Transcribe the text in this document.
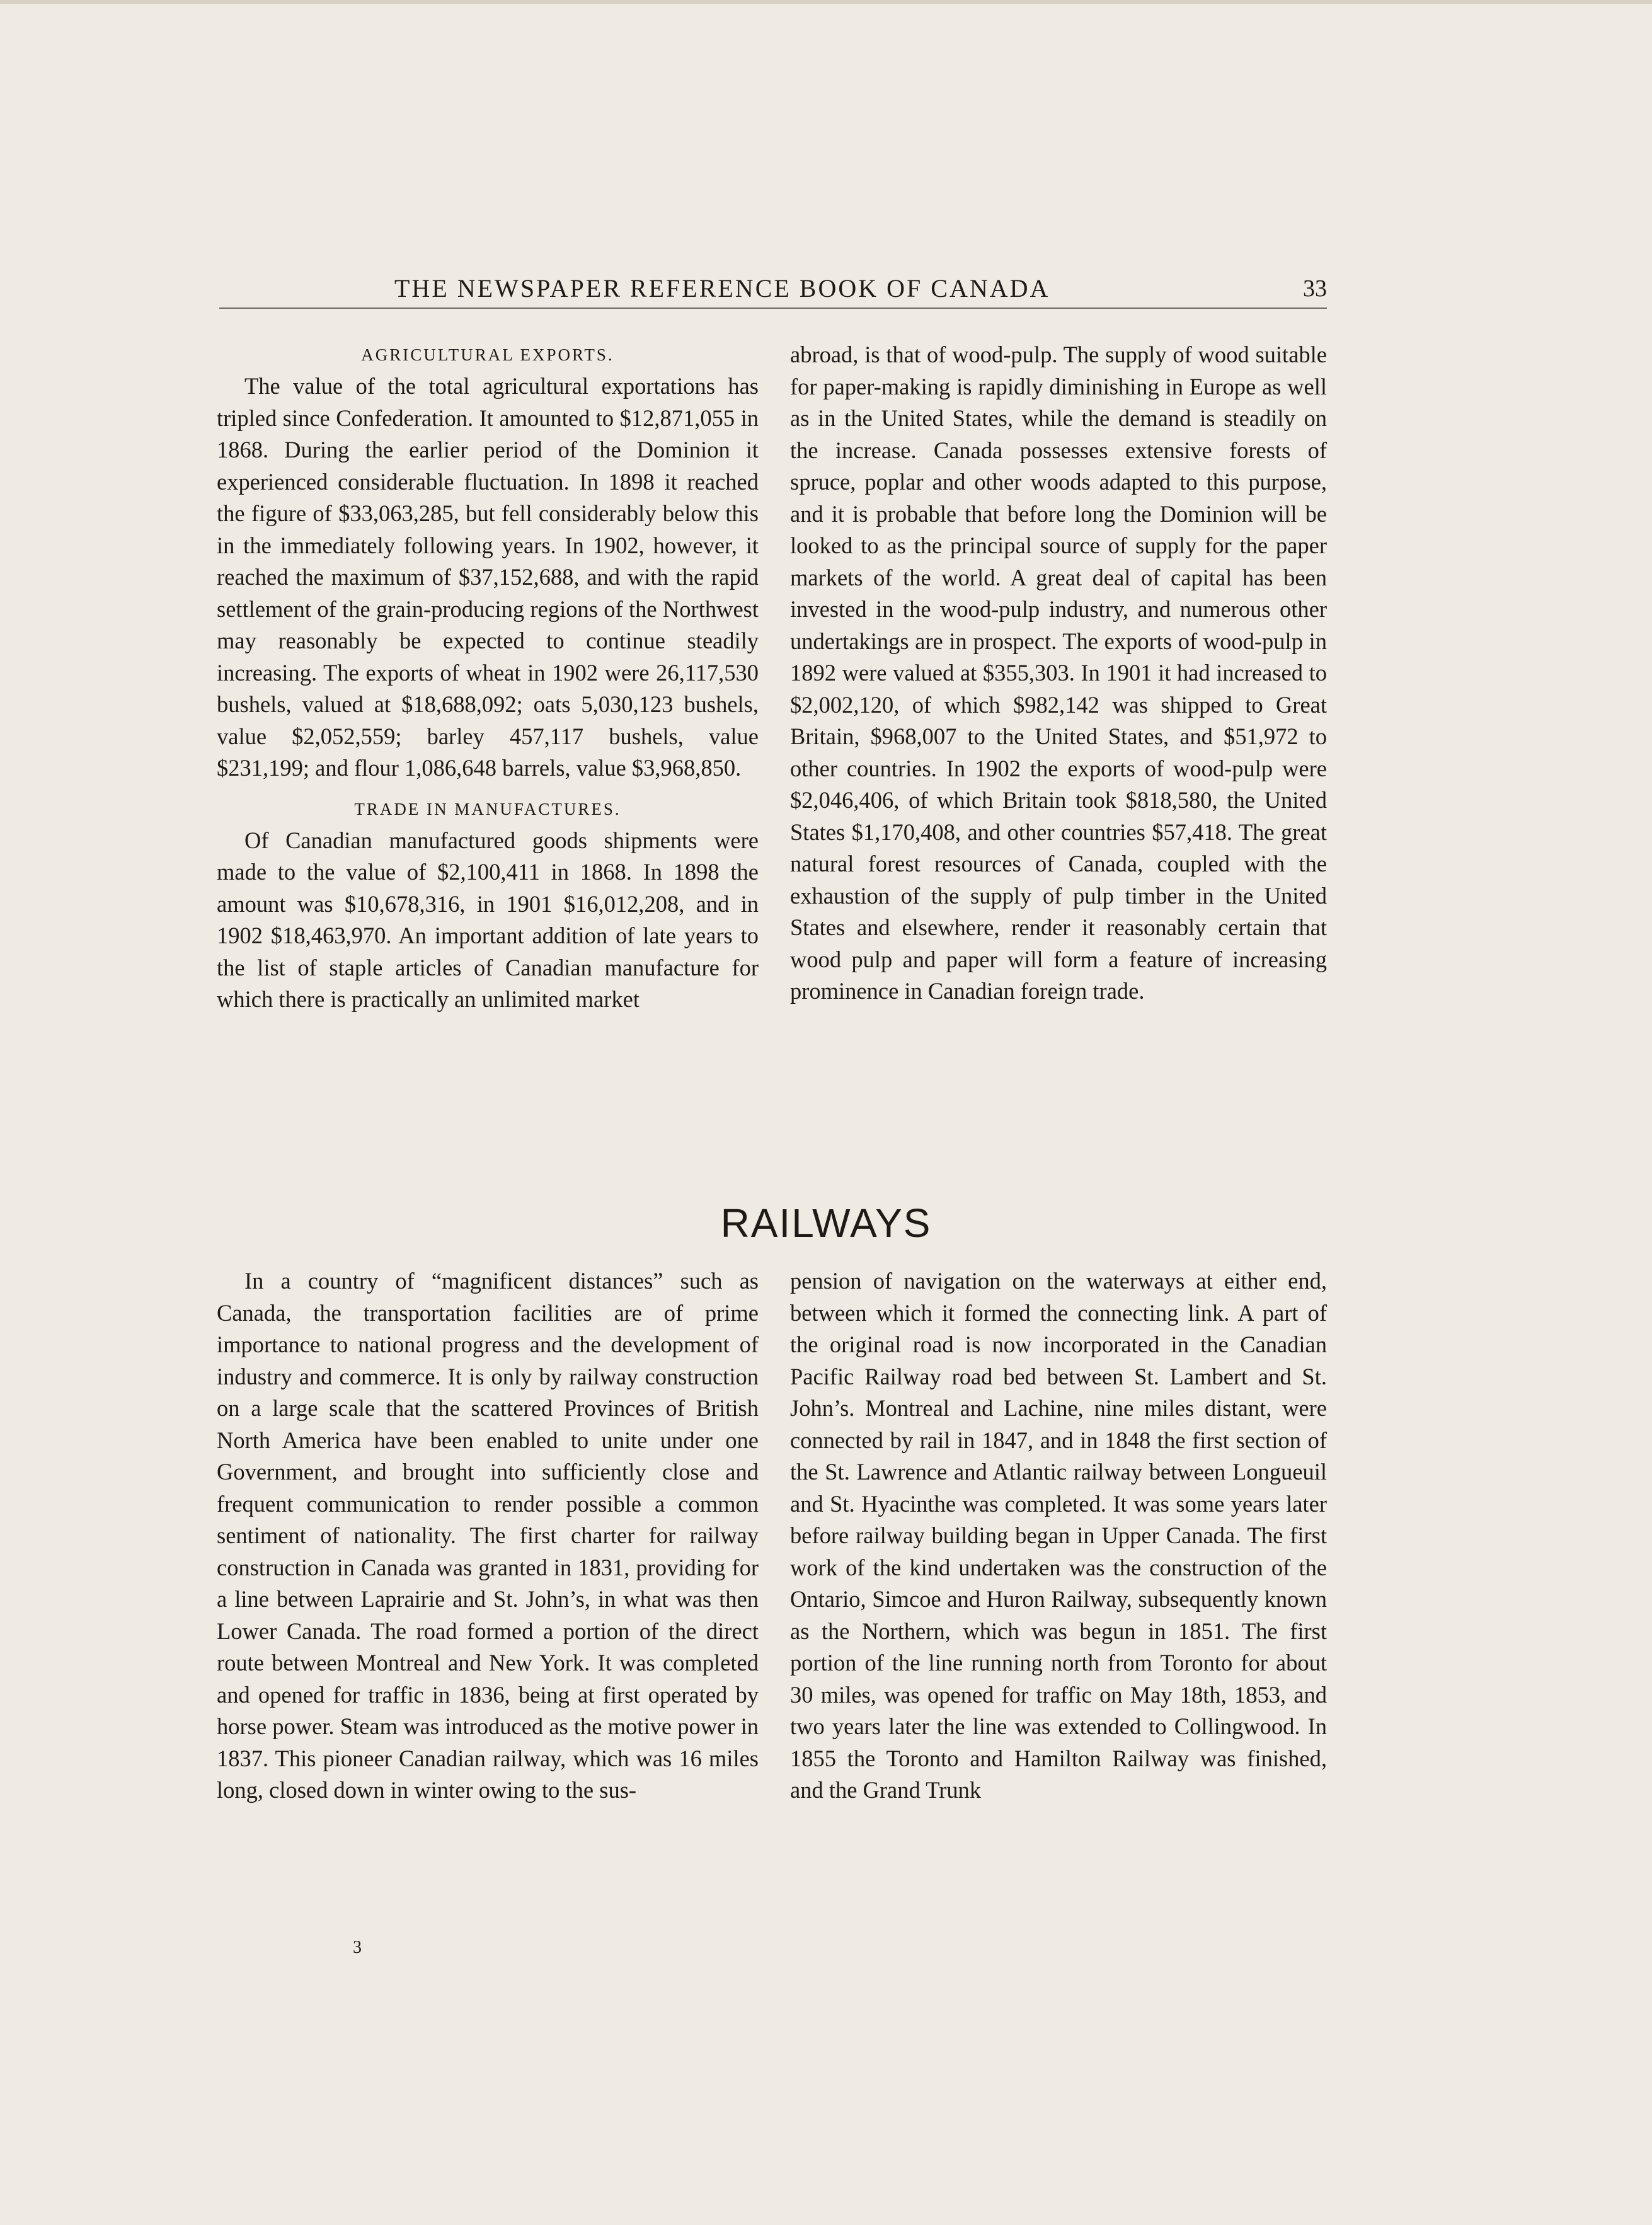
THE NEWSPAPER REFERENCE BOOK OF CANADA	33

AGRICULTURAL EXPORTS.

The value of the total agricultural exportations has tripled since Confederation. It amounted to $12,871,055 in 1868. During the earlier period of the Dominion it experienced considerable fluctuation. In 1898 it reached the figure of $33,063,285, but fell considerably below this in the immediately following years. In 1902, however, it reached the maximum of $37,152,688, and with the rapid settlement of the grain-producing regions of the Northwest may reasonably be expected to continue steadily increasing. The exports of wheat in 1902 were 26,117,530 bushels, valued at $18,688,092; oats 5,030,123 bushels, value $2,052,559; barley 457,117 bushels, value $231,199; and flour 1,086,648 barrels, value $3,968,850.

TRADE IN MANUFACTURES.

Of Canadian manufactured goods shipments were made to the value of $2,100,411 in 1868. In 1898 the amount was $10,678,316, in 1901 $16,012,208, and in 1902 $18,463,970. An important addition of late years to the list of staple articles of Canadian manufacture for which there is practically an unlimited market

abroad, is that of wood-pulp. The supply of wood suitable for paper-making is rapidly diminishing in Europe as well as in the United States, while the demand is steadily on the increase. Canada possesses extensive forests of spruce, poplar and other woods adapted to this purpose, and it is probable that before long the Dominion will be looked to as the principal source of supply for the paper markets of the world. A great deal of capital has been invested in the wood-pulp industry, and numerous other undertakings are in prospect. The exports of wood-pulp in 1892 were valued at $355,303. In 1901 it had increased to $2,002,120, of which $982,142 was shipped to Great Britain, $968,007 to the United States, and $51,972 to other countries. In 1902 the exports of wood-pulp were $2,046,406, of which Britain took $818,580, the United States $1,170,408, and other countries $57,418. The great natural forest resources of Canada, coupled with the exhaustion of the supply of pulp timber in the United States and elsewhere, render it reasonably certain that wood pulp and paper will form a feature of increasing prominence in Canadian foreign trade.

RAILWAYS

In a country of “magnificent distances” such as Canada, the transportation facilities are of prime importance to national progress and the development of industry and commerce. It is only by railway construction on a large scale that the scattered Provinces of British North America have been enabled to unite under one Government, and brought into sufficiently close and frequent communication to render possible a common sentiment of nationality. The first charter for railway construction in Canada was granted in 1831, providing for a line between Laprairie and St. John’s, in what was then Lower Canada. The road formed a portion of the direct route between Montreal and New York. It was completed and opened for traffic in 1836, being at first operated by horse power. Steam was introduced as the motive power in 1837. This pioneer Canadian railway, which was 16 miles long, closed down in winter owing to the sus-

pension of navigation on the waterways at either end, between which it formed the connecting link. A part of the original road is now incorporated in the Canadian Pacific Railway road bed between St. Lambert and St. John’s. Montreal and Lachine, nine miles distant, were connected by rail in 1847, and in 1848 the first section of the St. Lawrence and Atlantic railway between Longueuil and St. Hyacinthe was completed. It was some years later before railway building began in Upper Canada. The first work of the kind undertaken was the construction of the Ontario, Simcoe and Huron Railway, subsequently known as the Northern, which was begun in 1851. The first portion of the line running north from Toronto for about 30 miles, was opened for traffic on May 18th, 1853, and two years later the line was extended to Collingwood. In 1855 the Toronto and Hamilton Railway was finished, and the Grand Trunk

3
